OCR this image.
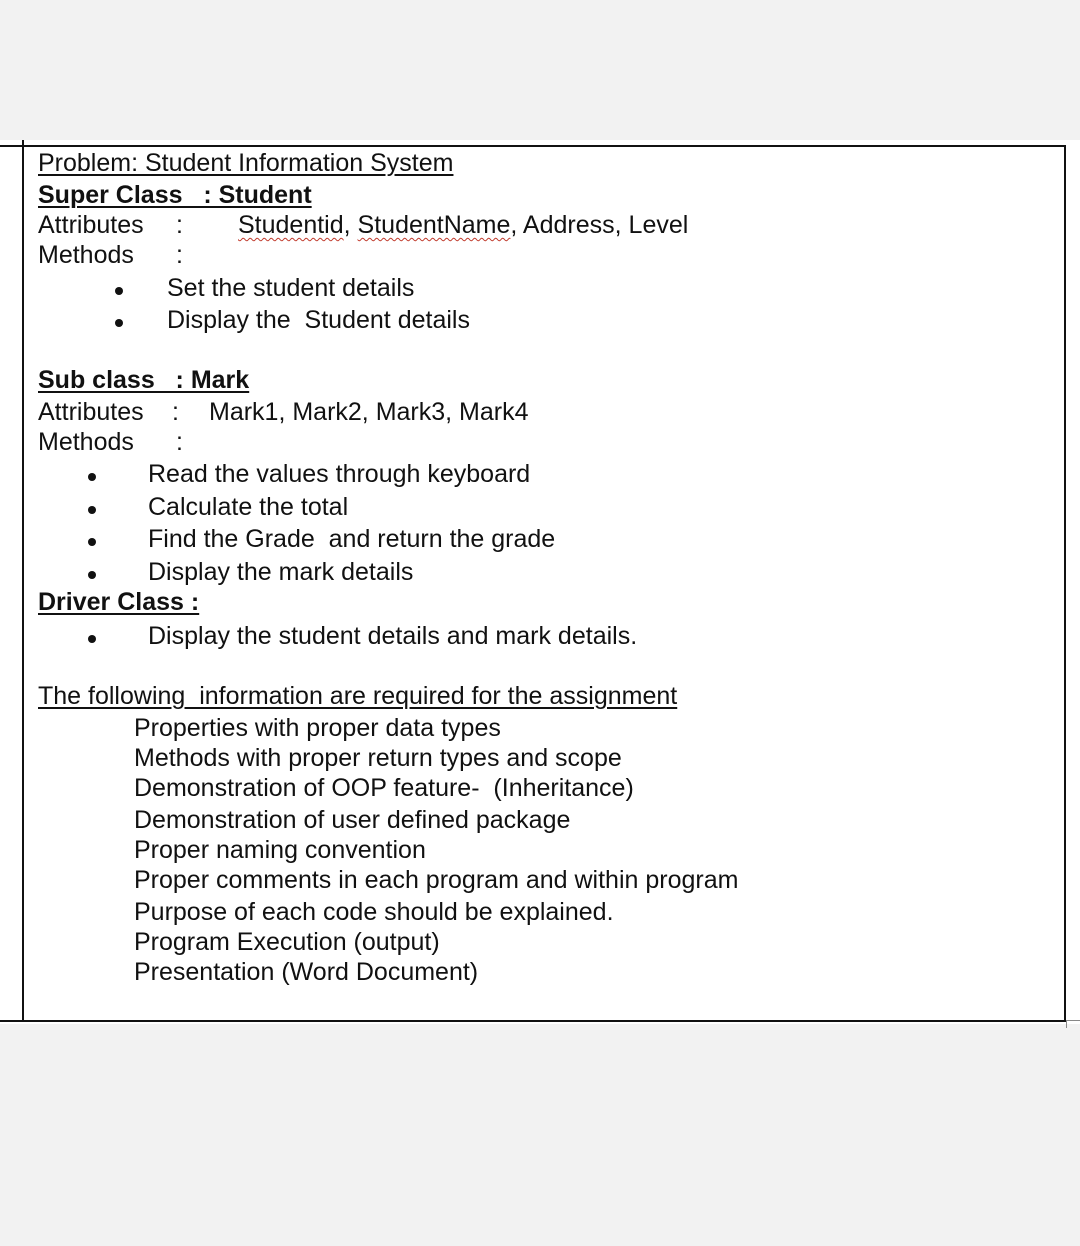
Problem: Student Information System
Super Class   : Student
Attributes : Studentid, StudentName, Address, Level
Methods :
Set the student details
Display the  Student details
Sub class   : Mark
Attributes : Mark1, Mark2, Mark3, Mark4
Methods :
Read the values through keyboard
Calculate the total
Find the Grade  and return the grade
Display the mark details
Driver Class :
Display the student details and mark details.
The following  information are required for the assignment
Properties with proper data types
Methods with proper return types and scope
Demonstration of OOP feature-  (Inheritance)
Demonstration of user defined package
Proper naming convention
Proper comments in each program and within program
Purpose of each code should be explained.
Program Execution (output)
Presentation (Word Document)
